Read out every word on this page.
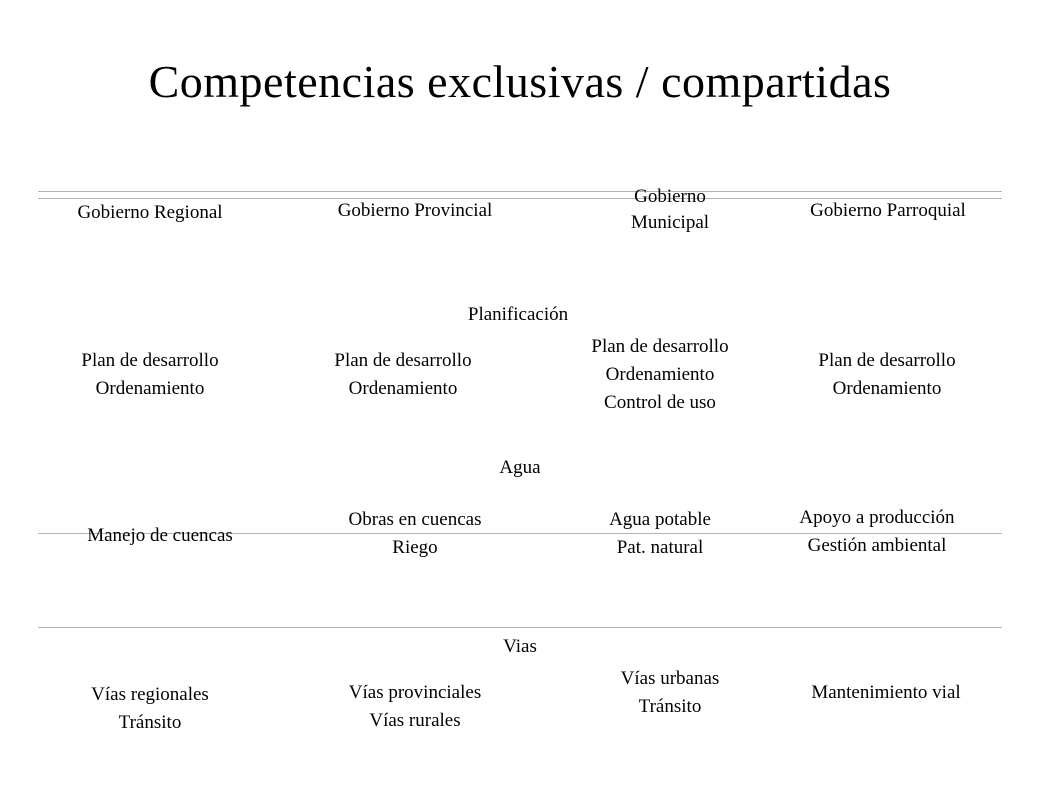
Competencias exclusivas / compartidas
Gobierno Regional	Gobierno Provincial
Gobierno
Municipal
Gobierno Parroquial
Planificación
Plan de desarrollo
Ordenamiento
Plan de desarrollo
Ordenamiento
Plan de desarrollo
Ordenamiento
Control de uso
Plan de desarrollo
Ordenamiento
Agua
Manejo de cuencas
Obras en cuencas
Riego
Agua potable
Pat. natural
Apoyo a producción
Gestión ambiental
Vias
Vías regionales
Tránsito
Vías provinciales
Vías rurales
Vías urbanas
Tránsito
Mantenimiento vial
